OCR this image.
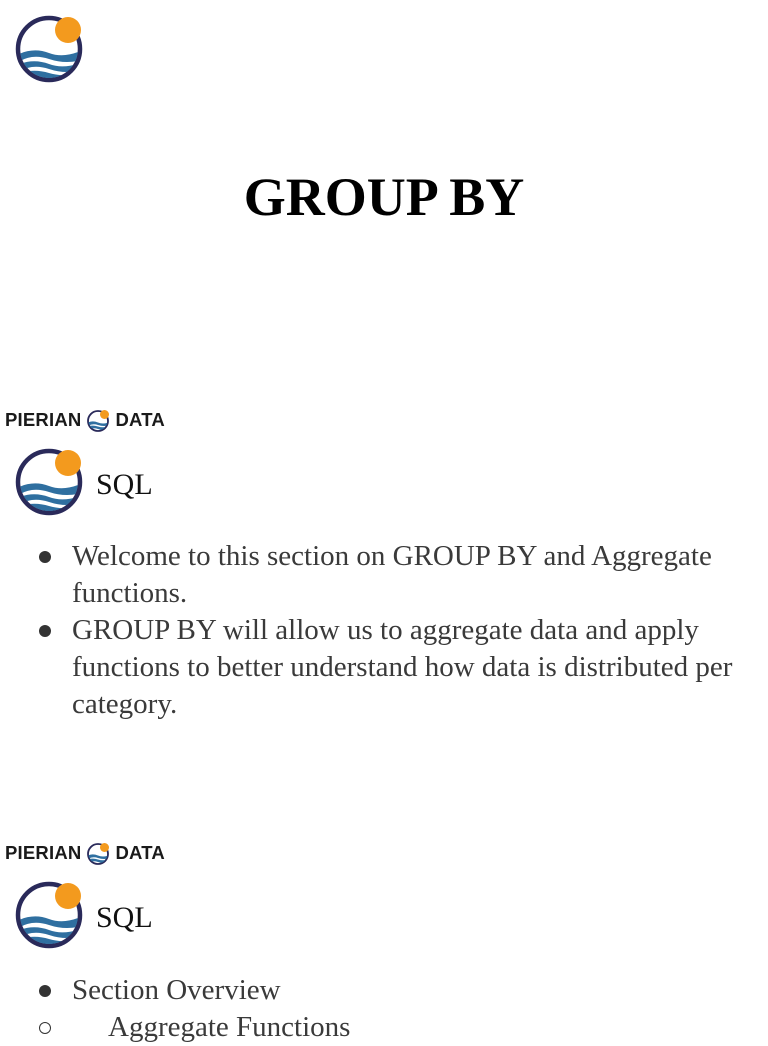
GROUP BY
PIERIAN DATA
SQL
Welcome to this section on GROUP BY and Aggregate functions.
GROUP BY will allow us to aggregate data and apply functions to better understand how data is distributed per category.
PIERIAN DATA
SQL
Section Overview
Aggregate Functions
